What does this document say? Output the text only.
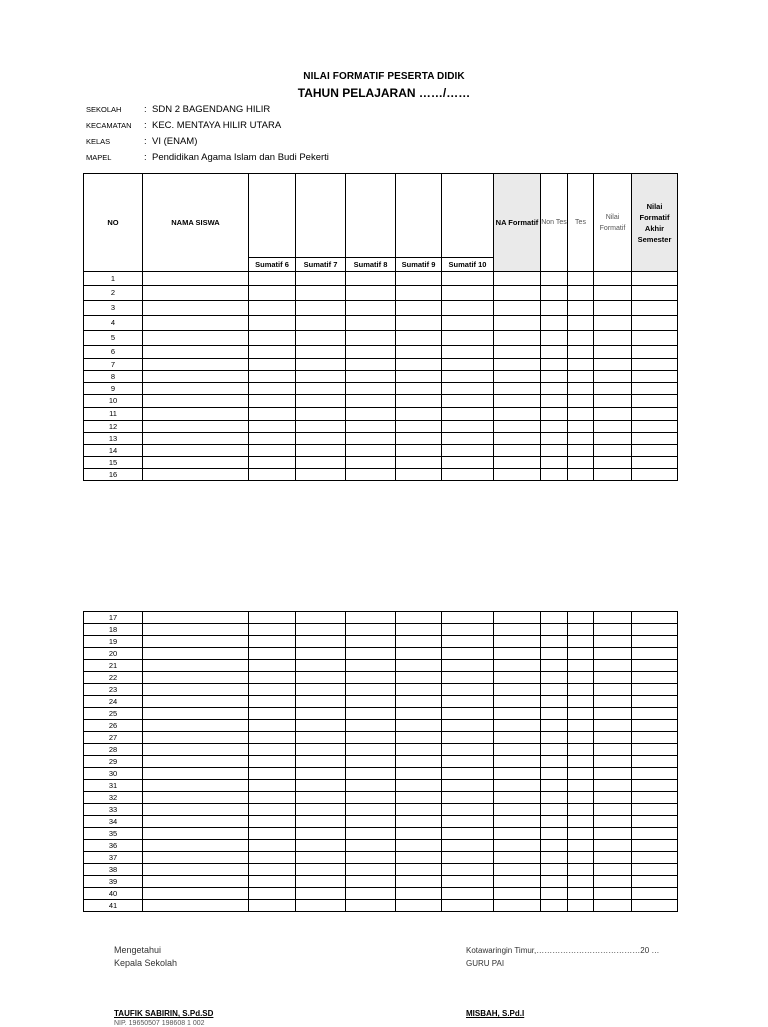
NILAI FORMATIF PESERTA DIDIK
TAHUN PELAJARAN ……/……
SEKOLAH	: SDN 2 BAGENDANG HILIR
KECAMATAN	: KEC. MENTAYA HILIR UTARA
KELAS	: VI (ENAM)
MAPEL	: Pendidikan Agama Islam dan Budi Pekerti
NO	NAMA SISWA						NA Formatif	Non Tes	Tes	Nilai Formatif	Nilai Formatif Akhir Semester
		Sumatif 6	Sumatif 7	Sumatif 8	Sumatif 9	Sumatif 10					
1											
2											
3											
4											
5											
6											
7											
8											
9											
10											
11											
12											
13											
14											
15											
16											
17											
18											
19											
20											
21											
22											
23											
24											
25											
26											
27											
28											
29											
30											
31											
32											
33											
34											
35											
36											
37											
38											
39											
40											
41											
Mengetahui
Kepala Sekolah
TAUFIK SABIRIN, S.Pd.SD
NIP. 19650507 198608 1 002
Kotawaringin Timur,…………………………………20 …
GURU PAI
MISBAH, S.Pd.I
